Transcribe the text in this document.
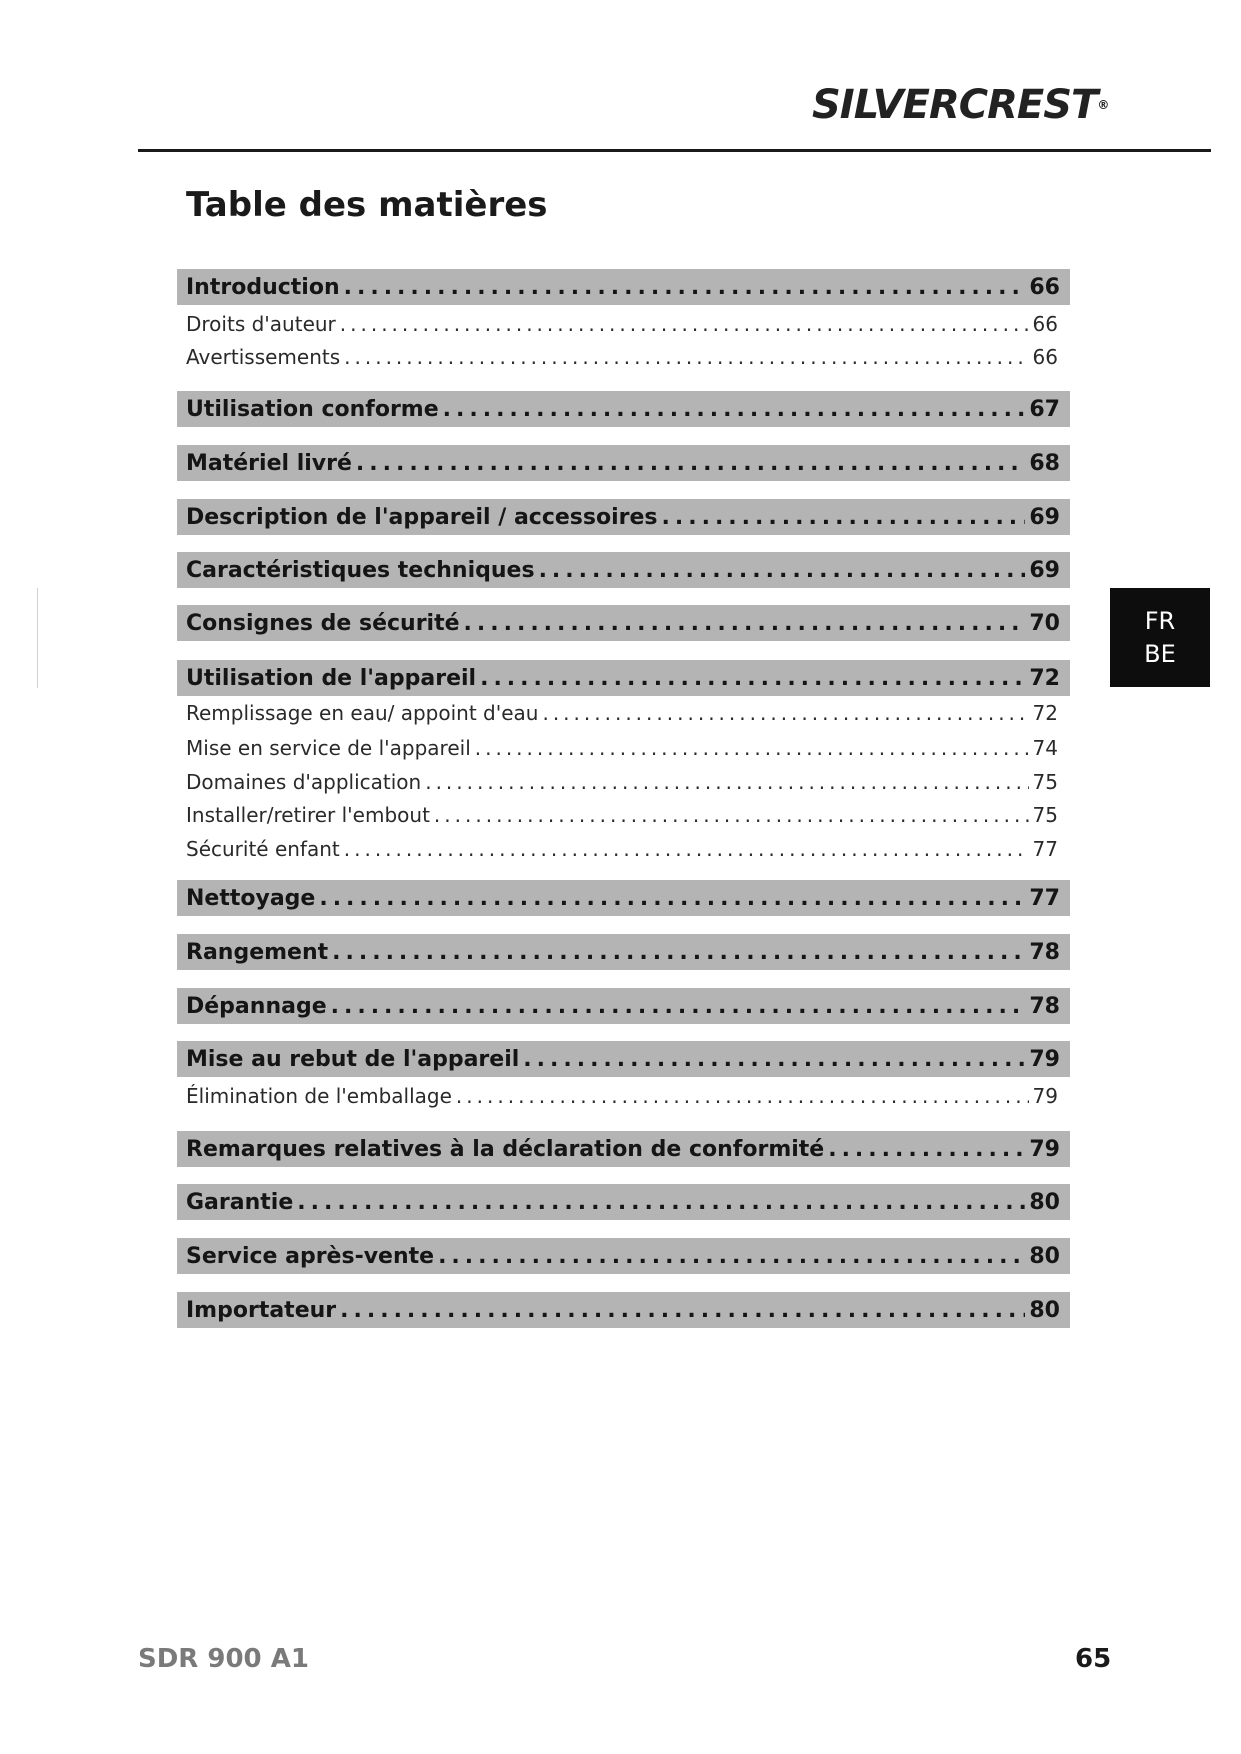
SILVERCREST®
Table des matières
Introduction .....	66
Droits d'auteur .....	66
Avertissements .....	66
Utilisation conforme .....	67
Matériel livré .....	68
Description de l'appareil / accessoires .....	69
Caractéristiques techniques .....	69
Consignes de sécurité .....	70
Utilisation de l'appareil .....	72
Remplissage en eau/ appoint d'eau .....	72
Mise en service de l'appareil .....	74
Domaines d'application .....	75
Installer/retirer l'embout .....	75
Sécurité enfant .....	77
Nettoyage .....	77
Rangement .....	78
Dépannage .....	78
Mise au rebut de l'appareil .....	79
Élimination de l'emballage .....	79
Remarques relatives à la déclaration de conformité .....	79
Garantie .....	80
Service après-vente .....	80
Importateur .....	80
FR
BE
SDR 900 A1	65
